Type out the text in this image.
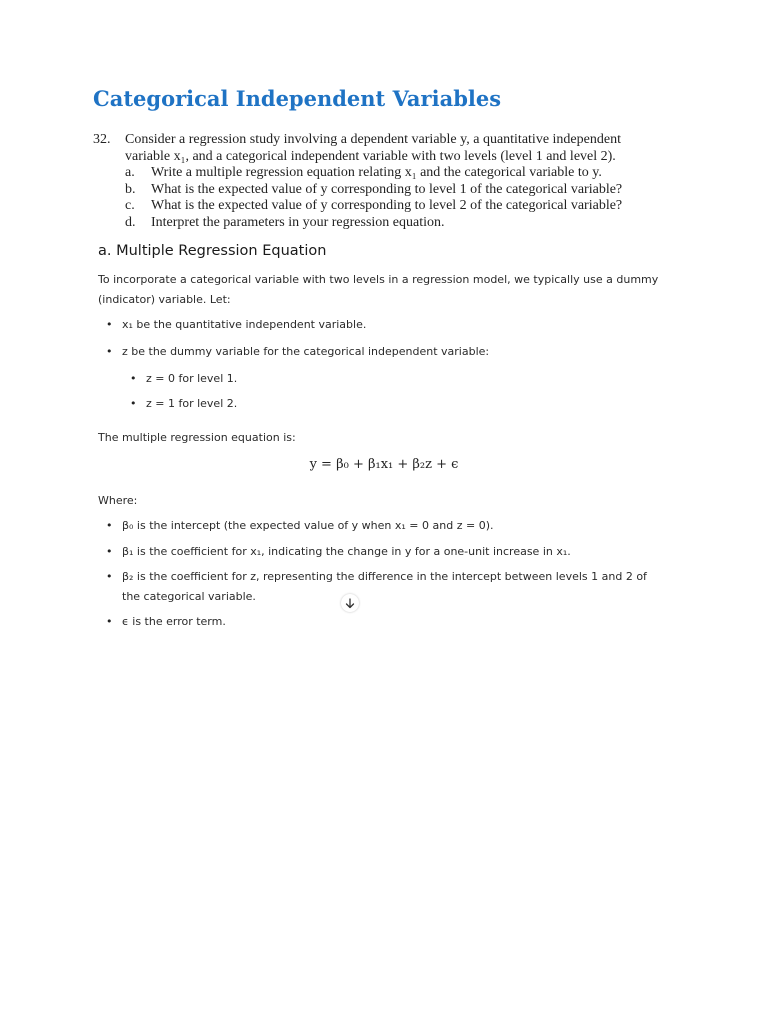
Categorical Independent Variables
32. Consider a regression study involving a dependent variable y, a quantitative independent
variable x₁, and a categorical independent variable with two levels (level 1 and level 2).
a. Write a multiple regression equation relating x₁ and the categorical variable to y.
b. What is the expected value of y corresponding to level 1 of the categorical variable?
c. What is the expected value of y corresponding to level 2 of the categorical variable?
d. Interpret the parameters in your regression equation.
a. Multiple Regression Equation
To incorporate a categorical variable with two levels in a regression model, we typically use a dummy
(indicator) variable. Let:
• x₁ be the quantitative independent variable.
• z be the dummy variable for the categorical independent variable:
• z = 0 for level 1.
• z = 1 for level 2.
The multiple regression equation is:
y = β₀ + β₁x₁ + β₂z + ϵ
Where:
• β₀ is the intercept (the expected value of y when x₁ = 0 and z = 0).
• β₁ is the coefficient for x₁, indicating the change in y for a one-unit increase in x₁.
• β₂ is the coefficient for z, representing the difference in the intercept between levels 1 and 2 of
the categorical variable.
• ϵ is the error term.
